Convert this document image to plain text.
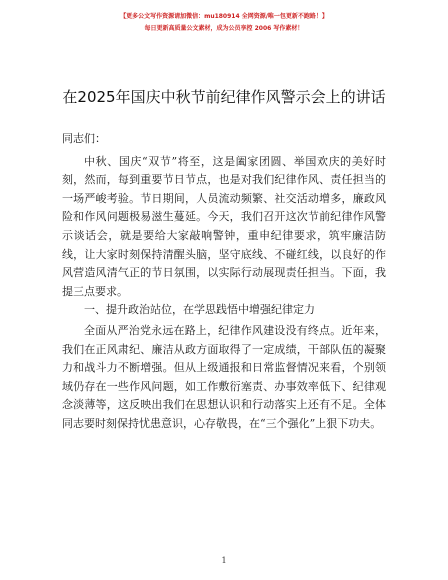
【更多公文写作资源请加微信：mu180914 全网资源/唯一包更新不跑路！】
每日更新高质量公文素材，成为公员享控 2006 写作素材！
在2025年国庆中秋节前纪律作风警示会上的讲话

同志们：

中秋、国庆“双节”将至，这是阖家团圆、举国欢庆的美好时刻，然而，每到重要节日节点，也是对我们纪律作风、责任担当的一场严峻考验。节日期间，人员流动频繁、社交活动增多，廉政风险和作风问题极易滋生蔓延。今天，我们召开这次节前纪律作风警示谈话会，就是要给大家敲响警钟，重申纪律要求，筑牢廉洁防线，让大家时刻保持清醒头脑，坚守底线、不碰红线，以良好的作风营造风清气正的节日氛围，以实际行动展现责任担当。下面，我提三点要求。

一、提升政治站位，在学思践悟中增强纪律定力

全面从严治党永远在路上，纪律作风建设没有终点。近年来，我们在正风肃纪、廉洁从政方面取得了一定成绩，干部队伍的凝聚力和战斗力不断增强。但从上级通报和日常监督情况来看，个别领域仍存在一些作风问题，如工作敷衍塞责、办事效率低下、纪律观念淡薄等，这反映出我们在思想认识和行动落实上还有不足。全体同志要时刻保持忧患意识，心存敬畏，在“三个强化”上狠下功夫。

1
